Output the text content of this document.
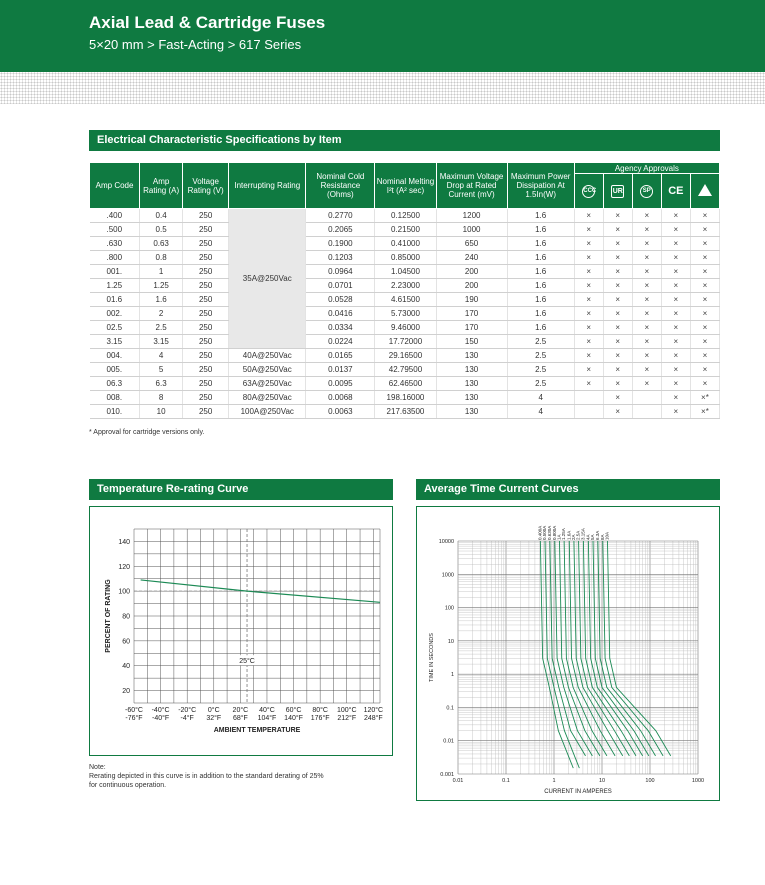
Axial Lead & Cartridge Fuses
5×20 mm > Fast-Acting > 617 Series
Electrical Characteristic Specifications by Item
Amp Code	Amp Rating (A)	Voltage Rating (V)	Interrupting Rating	Nominal Cold Resistance (Ohms)	Nominal Melting I²t (A² sec)	Maximum Voltage Drop at Rated Current (mV)	Maximum Power Dissipation At 1.5In(W)	Agency Approvals				
								CCC	UR	SP	CE	
.400	0.4	250	35A@250Vac	0.2770	0.12500	1200	1.6	×	×	×	×	×
.500	0.5	250		0.2065	0.21500	1000	1.6	×	×	×	×	×
.630	0.63	250		0.1900	0.41000	650	1.6	×	×	×	×	×
.800	0.8	250		0.1203	0.85000	240	1.6	×	×	×	×	×
001.	1	250		0.0964	1.04500	200	1.6	×	×	×	×	×
1.25	1.25	250		0.0701	2.23000	200	1.6	×	×	×	×	×
01.6	1.6	250		0.0528	4.61500	190	1.6	×	×	×	×	×
002.	2	250		0.0416	5.73000	170	1.6	×	×	×	×	×
02.5	2.5	250		0.0334	9.46000	170	1.6	×	×	×	×	×
3.15	3.15	250		0.0224	17.72000	150	2.5	×	×	×	×	×
004.	4	250	40A@250Vac	0.0165	29.16500	130	2.5	×	×	×	×	×
005.	5	250	50A@250Vac	0.0137	42.79500	130	2.5	×	×	×	×	×
06.3	6.3	250	63A@250Vac	0.0095	62.46500	130	2.5	×	×	×	×	×
008.	8	250	80A@250Vac	0.0068	198.16000	130	4		×		×	×*
010.	10	250	100A@250Vac	0.0063	217.63500	130	4		×		×	×*
* Approval for cartridge versions only.
Temperature Re-rating Curve
20
40
60
80
100
120
140
-60°C
-76°F
-40°C
-40°F
-20°C
-4°F
0°C
32°F
20°C
68°F
40°C
104°F
60°C
140°F
80°C
176°F
100°C
212°F
120°C
248°F
AMBIENT TEMPERATURE
PERCENT OF RATING
25°C
Note:
Rerating depicted in this curve is in addition to the standard derating of 25%
for continuous operation.
Average Time Current Curves
0.001
0.01
0.1
1
10
100
1000
10000
0.01	0.1	1	10	100	1000
CURRENT IN AMPERES
TIME IN SECONDS
0.400A 0.500A 0.630A 0.800A 1A 1.25A 1.6A 2A 2.5A 3.15A 4A 5A 6.3A 8A 10A
